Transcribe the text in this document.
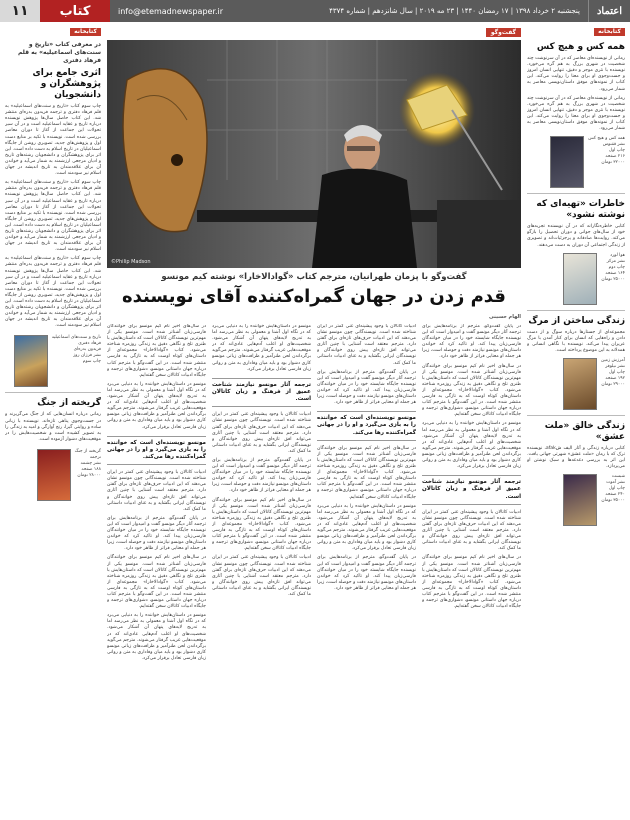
۱۱	کتاب	info@etemadnewspaper.ir	پنجشنبه ۲ خرداد ۱۳۹۸ | ۱۷ رمضان ۱۴۴۰ | ۲۳ مه ۲۰۱۹ | سال شانزدهم | شماره ۴۳۷۴	اعتماد
کتابخانه
در معرفی کتاب «تاریخ و سنت‌های اسماعیلیه» به قلم فرهاد دفتری
اثری جامع برای پژوهشگران و دانشجویان
چاپ سوم کتاب «تاریخ و سنت‌های اسماعیلیه» به قلم فرهاد دفتری و ترجمه فریدون بدره‌ای منتشر شد. این کتاب حاصل سال‌ها پژوهش نویسنده درباره تاریخ و عقاید اسماعیلیه است و در آن سیر تحولات این جماعت از آغاز تا دوران معاصر بررسی شده است. نویسنده با تکیه بر منابع دست اول و پژوهش‌های جدید، تصویری روشن از جایگاه اسماعیلیان در تاریخ اسلام به دست داده است. این اثر برای پژوهشگران و دانشجویان رشته‌های تاریخ و ادیان مرجعی ارزشمند به شمار می‌آید و خواندن آن برای علاقه‌مندان به تاریخ اندیشه در جهان اسلام نیز سودمند است.
چاپ سوم کتاب «تاریخ و سنت‌های اسماعیلیه» به قلم فرهاد دفتری و ترجمه فریدون بدره‌ای منتشر شد. این کتاب حاصل سال‌ها پژوهش نویسنده درباره تاریخ و عقاید اسماعیلیه است و در آن سیر تحولات این جماعت از آغاز تا دوران معاصر بررسی شده است. نویسنده با تکیه بر منابع دست اول و پژوهش‌های جدید، تصویری روشن از جایگاه اسماعیلیان در تاریخ اسلام به دست داده است. این اثر برای پژوهشگران و دانشجویان رشته‌های تاریخ و ادیان مرجعی ارزشمند به شمار می‌آید و خواندن آن برای علاقه‌مندان به تاریخ اندیشه در جهان اسلام نیز سودمند است.
چاپ سوم کتاب «تاریخ و سنت‌های اسماعیلیه» به قلم فرهاد دفتری و ترجمه فریدون بدره‌ای منتشر شد. این کتاب حاصل سال‌ها پژوهش نویسنده درباره تاریخ و عقاید اسماعیلیه است و در آن سیر تحولات این جماعت از آغاز تا دوران معاصر بررسی شده است. نویسنده با تکیه بر منابع دست اول و پژوهش‌های جدید، تصویری روشن از جایگاه اسماعیلیان در تاریخ اسلام به دست داده است. این اثر برای پژوهشگران و دانشجویان رشته‌های تاریخ و ادیان مرجعی ارزشمند به شمار می‌آید و خواندن آن برای علاقه‌مندان به تاریخ اندیشه در جهان اسلام نیز سودمند است.
تاریخ و سنت‌های اسماعیلیه
فرهاد دفتری
فریدون بدره‌ای
نشر فرزان روز
چاپ سوم
گریخته از جنگ
رمانی درباره انسان‌هایی که از جنگ می‌گریزند و در جست‌وجوی پناهی تازه‌اند. نویسنده با زبانی ساده و روایتی گیرا، رنج آوارگی و امید به زندگی را به تصویر کشیده است و شخصیت‌هایش را در موقعیت‌های دشوار آزموده است.
گریخته از جنگ
ترجمه
نشر چشمه
۱۸۸ صفحه
۲۸۰۰۰ تومان
گفت‌وگو
©Philip Madson
گفت‌وگو با پزمان طهرانیان، مترجم کتاب «گوادالاخارا» نوشته کیم مونسو
قدم زدن در جهان گمراه‌کننده آقای نویسنده
الهام حسینی
در سال‌های اخیر نام کیم مونسو برای خوانندگان فارسی‌زبان آشناتر شده است. مونسو یکی از مهم‌ترین نویسندگان کاتالان است که داستان‌هایش با طنزی تلخ و نگاهی دقیق به زندگی روزمره شناخته می‌شود. کتاب «گوادالاخارا» مجموعه‌ای از داستان‌های کوتاه اوست که به تازگی به فارسی منتشر شده است. در این گفت‌وگو با مترجم کتاب درباره جهان داستانی مونسو، دشواری‌های ترجمه و جایگاه ادبیات کاتالان سخن گفته‌ایم.
مونسو در داستان‌هایش خواننده را به دنیایی می‌برد که در نگاه اول آشنا و معمولی به نظر می‌رسد اما به تدریج لایه‌های پنهان آن آشکار می‌شود. شخصیت‌های او اغلب آدم‌هایی عادی‌اند که در موقعیت‌هایی غریب گرفتار می‌شوند. مترجم می‌گوید برگرداندن لحن طنزآمیز و ظرافت‌های زبانی مونسو کاری دشوار بود و باید میان وفاداری به متن و روانی زبان فارسی تعادل برقرار می‌کرد.
مونسو نویسنده‌ای است که خواننده را به بازی می‌گیرد و او را در جهانی گمراه‌کننده رها می‌کند.
ادبیات کاتالان با وجود پیشینه‌ای غنی کمتر در ایران شناخته شده است. نویسندگانی چون مونسو نشان می‌دهند که این ادبیات حرف‌های تازه‌ای برای گفتن دارد. مترجم معتقد است آشنایی با چنین آثاری می‌تواند افق تازه‌ای پیش روی خوانندگان و نویسندگان ایرانی بگشاید و به غنای ادبیات داستانی ما کمک کند.
در پایان گفت‌وگو، مترجم از برنامه‌هایش برای ترجمه آثار دیگر مونسو گفت و امیدوار است که این نویسنده جایگاه شایسته خود را در میان خوانندگان فارسی‌زبان پیدا کند. او تاکید کرد که خواندن داستان‌های مونسو نیازمند دقت و حوصله است، زیرا هر جمله او معنایی فراتر از ظاهر خود دارد.
در سال‌های اخیر نام کیم مونسو برای خوانندگان فارسی‌زبان آشناتر شده است. مونسو یکی از مهم‌ترین نویسندگان کاتالان است که داستان‌هایش با طنزی تلخ و نگاهی دقیق به زندگی روزمره شناخته می‌شود. کتاب «گوادالاخارا» مجموعه‌ای از داستان‌های کوتاه اوست که به تازگی به فارسی منتشر شده است. در این گفت‌وگو با مترجم کتاب درباره جهان داستانی مونسو، دشواری‌های ترجمه و جایگاه ادبیات کاتالان سخن گفته‌ایم.
مونسو در داستان‌هایش خواننده را به دنیایی می‌برد که در نگاه اول آشنا و معمولی به نظر می‌رسد اما به تدریج لایه‌های پنهان آن آشکار می‌شود. شخصیت‌های او اغلب آدم‌هایی عادی‌اند که در موقعیت‌هایی غریب گرفتار می‌شوند. مترجم می‌گوید برگرداندن لحن طنزآمیز و ظرافت‌های زبانی مونسو کاری دشوار بود و باید میان وفاداری به متن و روانی زبان فارسی تعادل برقرار می‌کرد.
مونسو در داستان‌هایش خواننده را به دنیایی می‌برد که در نگاه اول آشنا و معمولی به نظر می‌رسد اما به تدریج لایه‌های پنهان آن آشکار می‌شود. شخصیت‌های او اغلب آدم‌هایی عادی‌اند که در موقعیت‌هایی غریب گرفتار می‌شوند. مترجم می‌گوید برگرداندن لحن طنزآمیز و ظرافت‌های زبانی مونسو کاری دشوار بود و باید میان وفاداری به متن و روانی زبان فارسی تعادل برقرار می‌کرد.
ترجمه آثار مونسو نیازمند شناخت عمیق از فرهنگ و زبان کاتالان است.
ادبیات کاتالان با وجود پیشینه‌ای غنی کمتر در ایران شناخته شده است. نویسندگانی چون مونسو نشان می‌دهند که این ادبیات حرف‌های تازه‌ای برای گفتن دارد. مترجم معتقد است آشنایی با چنین آثاری می‌تواند افق تازه‌ای پیش روی خوانندگان و نویسندگان ایرانی بگشاید و به غنای ادبیات داستانی ما کمک کند.
در پایان گفت‌وگو، مترجم از برنامه‌هایش برای ترجمه آثار دیگر مونسو گفت و امیدوار است که این نویسنده جایگاه شایسته خود را در میان خوانندگان فارسی‌زبان پیدا کند. او تاکید کرد که خواندن داستان‌های مونسو نیازمند دقت و حوصله است، زیرا هر جمله او معنایی فراتر از ظاهر خود دارد.
در سال‌های اخیر نام کیم مونسو برای خوانندگان فارسی‌زبان آشناتر شده است. مونسو یکی از مهم‌ترین نویسندگان کاتالان است که داستان‌هایش با طنزی تلخ و نگاهی دقیق به زندگی روزمره شناخته می‌شود. کتاب «گوادالاخارا» مجموعه‌ای از داستان‌های کوتاه اوست که به تازگی به فارسی منتشر شده است. در این گفت‌وگو با مترجم کتاب درباره جهان داستانی مونسو، دشواری‌های ترجمه و جایگاه ادبیات کاتالان سخن گفته‌ایم.
ادبیات کاتالان با وجود پیشینه‌ای غنی کمتر در ایران شناخته شده است. نویسندگانی چون مونسو نشان می‌دهند که این ادبیات حرف‌های تازه‌ای برای گفتن دارد. مترجم معتقد است آشنایی با چنین آثاری می‌تواند افق تازه‌ای پیش روی خوانندگان و نویسندگان ایرانی بگشاید و به غنای ادبیات داستانی ما کمک کند.
ادبیات کاتالان با وجود پیشینه‌ای غنی کمتر در ایران شناخته شده است. نویسندگانی چون مونسو نشان می‌دهند که این ادبیات حرف‌های تازه‌ای برای گفتن دارد. مترجم معتقد است آشنایی با چنین آثاری می‌تواند افق تازه‌ای پیش روی خوانندگان و نویسندگان ایرانی بگشاید و به غنای ادبیات داستانی ما کمک کند.
در پایان گفت‌وگو، مترجم از برنامه‌هایش برای ترجمه آثار دیگر مونسو گفت و امیدوار است که این نویسنده جایگاه شایسته خود را در میان خوانندگان فارسی‌زبان پیدا کند. او تاکید کرد که خواندن داستان‌های مونسو نیازمند دقت و حوصله است، زیرا هر جمله او معنایی فراتر از ظاهر خود دارد.
مونسو نویسنده‌ای است که خواننده را به بازی می‌گیرد و او را در جهانی گمراه‌کننده رها می‌کند.
در سال‌های اخیر نام کیم مونسو برای خوانندگان فارسی‌زبان آشناتر شده است. مونسو یکی از مهم‌ترین نویسندگان کاتالان است که داستان‌هایش با طنزی تلخ و نگاهی دقیق به زندگی روزمره شناخته می‌شود. کتاب «گوادالاخارا» مجموعه‌ای از داستان‌های کوتاه اوست که به تازگی به فارسی منتشر شده است. در این گفت‌وگو با مترجم کتاب درباره جهان داستانی مونسو، دشواری‌های ترجمه و جایگاه ادبیات کاتالان سخن گفته‌ایم.
مونسو در داستان‌هایش خواننده را به دنیایی می‌برد که در نگاه اول آشنا و معمولی به نظر می‌رسد اما به تدریج لایه‌های پنهان آن آشکار می‌شود. شخصیت‌های او اغلب آدم‌هایی عادی‌اند که در موقعیت‌هایی غریب گرفتار می‌شوند. مترجم می‌گوید برگرداندن لحن طنزآمیز و ظرافت‌های زبانی مونسو کاری دشوار بود و باید میان وفاداری به متن و روانی زبان فارسی تعادل برقرار می‌کرد.
در پایان گفت‌وگو، مترجم از برنامه‌هایش برای ترجمه آثار دیگر مونسو گفت و امیدوار است که این نویسنده جایگاه شایسته خود را در میان خوانندگان فارسی‌زبان پیدا کند. او تاکید کرد که خواندن داستان‌های مونسو نیازمند دقت و حوصله است، زیرا هر جمله او معنایی فراتر از ظاهر خود دارد.
در پایان گفت‌وگو، مترجم از برنامه‌هایش برای ترجمه آثار دیگر مونسو گفت و امیدوار است که این نویسنده جایگاه شایسته خود را در میان خوانندگان فارسی‌زبان پیدا کند. او تاکید کرد که خواندن داستان‌های مونسو نیازمند دقت و حوصله است، زیرا هر جمله او معنایی فراتر از ظاهر خود دارد.
در سال‌های اخیر نام کیم مونسو برای خوانندگان فارسی‌زبان آشناتر شده است. مونسو یکی از مهم‌ترین نویسندگان کاتالان است که داستان‌هایش با طنزی تلخ و نگاهی دقیق به زندگی روزمره شناخته می‌شود. کتاب «گوادالاخارا» مجموعه‌ای از داستان‌های کوتاه اوست که به تازگی به فارسی منتشر شده است. در این گفت‌وگو با مترجم کتاب درباره جهان داستانی مونسو، دشواری‌های ترجمه و جایگاه ادبیات کاتالان سخن گفته‌ایم.
مونسو در داستان‌هایش خواننده را به دنیایی می‌برد که در نگاه اول آشنا و معمولی به نظر می‌رسد اما به تدریج لایه‌های پنهان آن آشکار می‌شود. شخصیت‌های او اغلب آدم‌هایی عادی‌اند که در موقعیت‌هایی غریب گرفتار می‌شوند. مترجم می‌گوید برگرداندن لحن طنزآمیز و ظرافت‌های زبانی مونسو کاری دشوار بود و باید میان وفاداری به متن و روانی زبان فارسی تعادل برقرار می‌کرد.
ترجمه آثار مونسو نیازمند شناخت عمیق از فرهنگ و زبان کاتالان است.
ادبیات کاتالان با وجود پیشینه‌ای غنی کمتر در ایران شناخته شده است. نویسندگانی چون مونسو نشان می‌دهند که این ادبیات حرف‌های تازه‌ای برای گفتن دارد. مترجم معتقد است آشنایی با چنین آثاری می‌تواند افق تازه‌ای پیش روی خوانندگان و نویسندگان ایرانی بگشاید و به غنای ادبیات داستانی ما کمک کند.
در سال‌های اخیر نام کیم مونسو برای خوانندگان فارسی‌زبان آشناتر شده است. مونسو یکی از مهم‌ترین نویسندگان کاتالان است که داستان‌هایش با طنزی تلخ و نگاهی دقیق به زندگی روزمره شناخته می‌شود. کتاب «گوادالاخارا» مجموعه‌ای از داستان‌های کوتاه اوست که به تازگی به فارسی منتشر شده است. در این گفت‌وگو با مترجم کتاب درباره جهان داستانی مونسو، دشواری‌های ترجمه و جایگاه ادبیات کاتالان سخن گفته‌ایم.
کتابخانه
همه کس و هیچ کس
رمانی از نویسنده‌ای معاصر که در آن سرنوشت چند شخصیت در شهری بزرگ به هم گره می‌خورد. نویسنده با نثری موجز و دقیق، تنهایی انسان امروز و جست‌وجوی او برای معنا را روایت می‌کند. این کتاب از نمونه‌های موفق داستان‌نویسی معاصر به شمار می‌رود.
رمانی از نویسنده‌ای معاصر که در آن سرنوشت چند شخصیت در شهری بزرگ به هم گره می‌خورد. نویسنده با نثری موجز و دقیق، تنهایی انسان امروز و جست‌وجوی او برای معنا را روایت می‌کند. این کتاب از نمونه‌های موفق داستان‌نویسی معاصر به شمار می‌رود.
همه کس و هیچ کس
نشر ققنوس
چاپ اول
۲۱۶ صفحه
۳۲۰۰۰ تومان
خاطرات «تهیه‌ای که نوشته نشود»
کتابی خاطره‌نگارانه که در آن نویسنده تجربه‌های خود از سال‌های جوانی و دوران تحصیل را بازگو می‌کند. روایت‌ها صادقانه و پرجزئیات‌اند و تصویری از زندگی اجتماعی آن دوران به دست می‌دهند.
هوا لورد
نشر مرکز
چاپ دوم
۱۶۴ صفحه
۲۵۰۰۰ تومان
زندگی ساختن از مرگ
مجموعه‌ای از جستارها درباره سوگ و از دست دادن و راه‌هایی که انسان برای کنار آمدن با مرگ عزیزان پیدا می‌کند. نویسنده با نگاهی انسانی و همدلانه به این موضوع پرداخته است.
آمرزش زمین
نشر نیلوفر
چاپ اول
۱۹۲ صفحه
۲۹۰۰۰ تومان
زندگی خالق «ملت عشق»
کتابی درباره زندگی و آثار الیف شafak، نویسنده ترک که با رمان «ملت عشق» شهرتی جهانی یافت. این اثر به بررسی دغدغه‌ها و سبک نوشتن او می‌پردازد.
شبست
نشر آموت
چاپ اول
۲۴۰ صفحه
۳۵۰۰۰ تومان
